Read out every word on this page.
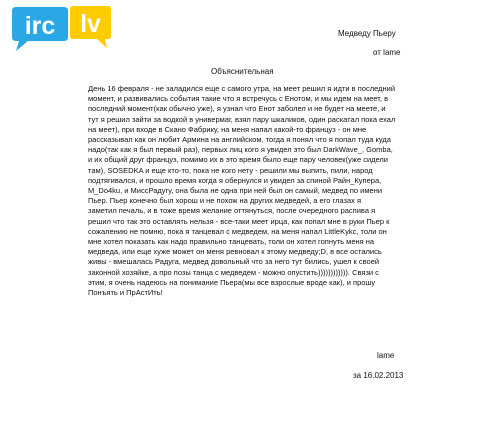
irc lv	Медведу Пьеру
от lame
Объяснительная
День 16 февраля - не заладился еще с самого утра, на меет решил я идти в последний
момент, и развивались события такие что я встречусь с Енотом, и мы идем на меет, в
последний момент(как обычно уже), я узнал что Енот заболел и не будет на меете, и
тут я решил зайти за водкой в универмаг, взял пару шкаликов, один раскатал пока ехал
на меет), при входе в Скано Фабрику, на меня напал какой-то француз - он мне
рассказывал как он любит Армина на английском, тогда я понял что я попал туда куда
надо(так как я был первый раз), первых лиц кого я увидел это был DarkWave_, Gomba,
и их общий друг француз, помимо их в это время было еще пару человек(уже сидели
там), SOSEDKA и еще кто-то, пока не кого нету - решили мы выпить, пили, народ
подтягивался, и прошло время когда я обернулся и увидел за спиной Райн_Купера,
M_Do4ku, и МиссРадугу, она была не одна при ней был он самый, медвед по имени
Пьер. Пьер конечно был хорош и не похож на других медведей, а его глазах я
заметил печаль, и в тоже время желание оттянуться, после очередного распива я
решил что так это оставлять нельзя - все-таки меет ирца, как попал мне в руки Пьер к
сожалению не помню, пока я танцевал с медведем, на меня напал LittleKykc, толи он
мне хотел показать как надо правильно танцевать, толи он хотел гопнуть меня на
медведа, или еще хуже может он меня ревновал к этому медведу;D, в все остались
живы - вмешалась Радуга, медвед довольный что за него тут бились, ушел к своей
законной хозяйке, а про позы танца с медведем - можно опустить)))))))))))). Связи с
этим, я очень надеюсь на понимание Пьера(мы все взрослые вроде как), и прошу
Понъять и ПрАстИть!
lame
за 16.02.2013
